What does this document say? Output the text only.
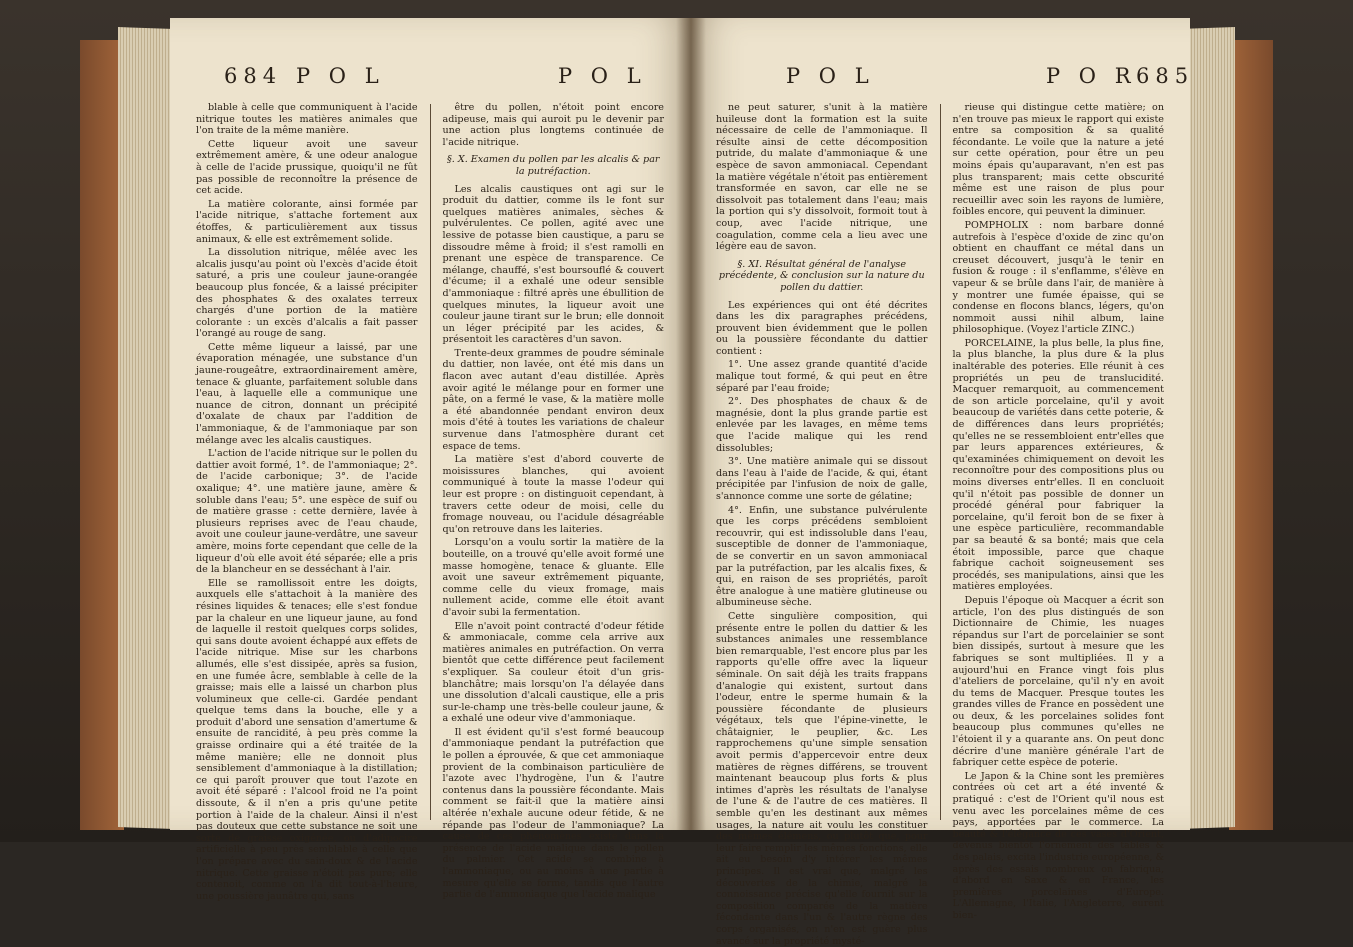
684 P O L	P O L

blable à celle que communiquent à l'acide nitrique toutes les matières animales que l'on traite de la même manière.

Cette liqueur avoit une saveur extrêmement amère, & une odeur analogue à celle de l'acide prussique, quoiqu'il ne fût pas possible de reconnoître la présence de cet acide.

La matière colorante, ainsi formée par l'acide nitrique, s'attache fortement aux étoffes, & particulièrement aux tissus animaux, & elle est extrêmement solide.

La dissolution nitrique, mêlée avec les alcalis jusqu'au point où l'excès d'acide étoit saturé, a pris une couleur jaune-orangée beaucoup plus foncée, & a laissé précipiter des phosphates & des oxalates terreux chargés d'une portion de la matière colorante : un excès d'alcalis a fait passer l'orangé au rouge de sang.

Cette même liqueur a laissé, par une évaporation ménagée, une substance d'un jaune-rougeâtre, extraordinairement amère, tenace & gluante, parfaitement soluble dans l'eau, à laquelle elle a communique une nuance de citron, donnant un précipité d'oxalate de chaux par l'addition de l'ammoniaque, & de l'ammoniaque par son mélange avec les alcalis caustiques.

L'action de l'acide nitrique sur le pollen du dattier avoit formé, 1°. de l'ammoniaque; 2°. de l'acide carbonique; 3°. de l'acide oxalique; 4°. une matière jaune, amère & soluble dans l'eau; 5°. une espèce de suif ou de matière grasse : cette dernière, lavée à plusieurs reprises avec de l'eau chaude, avoit une couleur jaune-verdâtre, une saveur amère, moins forte cependant que celle de la liqueur d'où elle avoit été séparée; elle a pris de la blancheur en se desséchant à l'air.

Elle se ramollissoit entre les doigts, auxquels elle s'attachoit à la manière des résines liquides & tenaces; elle s'est fondue par la chaleur en une liqueur jaune, au fond de laquelle il restoit quelques corps solides, qui sans doute avoient échappé aux effets de l'acide nitrique. Mise sur les charbons allumés, elle s'est dissipée, après sa fusion, en une fumée âcre, semblable à celle de la graisse; mais elle a laissé un charbon plus volumineux que celle-ci. Gardée pendant quelque tems dans la bouche, elle y a produit d'abord une sensation d'amertume & ensuite de rancidité, à peu près comme la graisse ordinaire qui a été traitée de la même manière; elle ne donnoit plus sensiblement d'ammoniaque à la distillation; ce qui paroît prouver que tout l'azote en avoit été séparé : l'alcool froid ne l'a point dissoute, & il n'en a pris qu'une petite portion à l'aide de la chaleur. Ainsi il n'est pas douteux que cette substance ne soit une sorte de graisse oxigénée, ou d'adipocire artificielle à peu près semblable à celle que l'on prépare avec du sain-doux & de l'acide nitrique. Cette graisse n'étoit pas pure; elle contenoit, comme on l'a dit tout-à-l'heure, une poussière jaunâtre qui, sans

être du pollen, n'étoit point encore adipeuse, mais qui auroit pu le devenir par une action plus longtems continuée de l'acide nitrique.

§. X. Examen du pollen par les alcalis & par la putréfaction.

Les alcalis caustiques ont agi sur le produit du dattier, comme ils le font sur quelques matières animales, sèches & pulvérulentes. Ce pollen, agité avec une lessive de potasse bien caustique, a paru se dissoudre même à froid; il s'est ramolli en prenant une espèce de transparence. Ce mélange, chauffé, s'est boursouflé & couvert d'écume; il a exhalé une odeur sensible d'ammoniaque : filtré après une ébullition de quelques minutes, la liqueur avoit une couleur jaune tirant sur le brun; elle donnoit un léger précipité par les acides, & présentoit les caractères d'un savon.

Trente-deux grammes de poudre séminale du dattier, non lavée, ont été mis dans un flacon avec autant d'eau distillée. Après avoir agité le mélange pour en former une pâte, on a fermé le vase, & la matière molle a été abandonnée pendant environ deux mois d'été à toutes les variations de chaleur survenue dans l'atmosphère durant cet espace de tems.

La matière s'est d'abord couverte de moisissures blanches, qui avoient communiqué à toute la masse l'odeur qui leur est propre : on distinguoit cependant, à travers cette odeur de moisi, celle du fromage nouveau, ou l'acidule désagréable qu'on retrouve dans les laiteries.

Lorsqu'on a voulu sortir la matière de la bouteille, on a trouvé qu'elle avoit formé une masse homogène, tenace & gluante. Elle avoit une saveur extrêmement piquante, comme celle du vieux fromage, mais nullement acide, comme elle étoit avant d'avoir subi la fermentation.

Elle n'avoit point contracté d'odeur fétide & ammoniacale, comme cela arrive aux matières animales en putréfaction. On verra bientôt que cette différence peut facilement s'expliquer. Sa couleur étoit d'un gris-blanchâtre; mais lorsqu'on l'a délayée dans une dissolution d'alcali caustique, elle a pris sur-le-champ une très-belle couleur jaune, & a exhalé une odeur vive d'ammoniaque.

Il est évident qu'il s'est formé beaucoup d'ammoniaque pendant la putréfaction que le pollen a éprouvée, & que cet ammoniaque provient de la combinaison particulière de l'azote avec l'hydrogène, l'un & l'autre contenus dans la poussière fécondante. Mais comment se fait-il que la matière ainsi altérée n'exhale aucune odeur fétide, & ne répande pas l'odeur de l'ammoniaque? La cause de ces phénomènes existe dans la présence de l'acide malique dans le pollen du palmier. Cet acide se combine à l'ammoniaque, ou au moins à une partie à mesure qu'elle se forme, tandis que l'autre partie de l'ammoniaque que l'acide malique

P O L	P O R 685

ne peut saturer, s'unit à la matière huileuse dont la formation est la suite nécessaire de celle de l'ammoniaque. Il résulte ainsi de cette décomposition putride, du malate d'ammoniaque & une espèce de savon ammoniacal. Cependant la matière végétale n'étoit pas entièrement transformée en savon, car elle ne se dissolvoit pas totalement dans l'eau; mais la portion qui s'y dissolvoit, formoit tout à coup, avec l'acide nitrique, une coagulation, comme cela a lieu avec une légère eau de savon.

§. XI. Résultat général de l'analyse précédente, & conclusion sur la nature du pollen du dattier.

Les expériences qui ont été décrites dans les dix paragraphes précédens, prouvent bien évidemment que le pollen ou la poussière fécondante du dattier contient :

1°. Une assez grande quantité d'acide malique tout formé, & qui peut en être séparé par l'eau froide;

2°. Des phosphates de chaux & de magnésie, dont la plus grande partie est enlevée par les lavages, en même tems que l'acide malique qui les rend dissolubles;

3°. Une matière animale qui se dissout dans l'eau à l'aide de l'acide, & qui, étant précipitée par l'infusion de noix de galle, s'annonce comme une sorte de gélatine;

4°. Enfin, une substance pulvérulente que les corps précédens sembloient recouvrir, qui est indissoluble dans l'eau, susceptible de donner de l'ammoniaque, de se convertir en un savon ammoniacal par la putréfaction, par les alcalis fixes, & qui, en raison de ses propriétés, paroît être analogue à une matière glutineuse ou albumineuse sèche.

Cette singulière composition, qui présente entre le pollen du dattier & les substances animales une ressemblance bien remarquable, l'est encore plus par les rapports qu'elle offre avec la liqueur séminale. On sait déjà les traits frappans d'analogie qui existent, surtout dans l'odeur, entre le sperme humain & la poussière fécondante de plusieurs végétaux, tels que l'épine-vinette, le châtaignier, le peuplier, &c. Les rapprochemens qu'une simple sensation avoit permis d'appercevoir entre deux matières de règnes différens, se trouvent maintenant beaucoup plus forts & plus intimes d'après les résultats de l'analyse de l'une & de l'autre de ces matières. Il semble qu'en les destinant aux mêmes usages, la nature ait voulu les constituer des mêmes élémens, ou plutôt que, pour leur faire remplir les mêmes fonctions, elle ait eu besoin d'y intérer les mêmes principes. Il est vrai que, malgré les découvertes de la chimie, malgré la connoissance précise qu'elle fournit sur la composition comparée de la matière fécondante dans l'un & l'autre règne des corps organisés, on n'en est guère plus avancé sur la propriété mysté-

rieuse qui distingue cette matière; on n'en trouve pas mieux le rapport qui existe entre sa composition & sa qualité fécondante. Le voile que la nature a jeté sur cette opération, pour être un peu moins épais qu'auparavant, n'en est pas plus transparent; mais cette obscurité même est une raison de plus pour recueillir avec soin les rayons de lumière, foibles encore, qui peuvent la diminuer.

POMPHOLIX : nom barbare donné autrefois à l'espèce d'oxide de zinc qu'on obtient en chauffant ce métal dans un creuset découvert, jusqu'à le tenir en fusion & rouge : il s'enflamme, s'élève en vapeur & se brûle dans l'air, de manière à y montrer une fumée épaisse, qui se condense en flocons blancs, légers, qu'on nommoit aussi nihil album, laine philosophique. (Voyez l'article ZINC.)

PORCELAINE, la plus belle, la plus fine, la plus blanche, la plus dure & la plus inaltérable des poteries. Elle réunit à ces propriétés un peu de translucidité. Macquer remarquoit, au commencement de son article porcelaine, qu'il y avoit beaucoup de variétés dans cette poterie, & de différences dans leurs propriétés; qu'elles ne se ressembloient entr'elles que par leurs apparences extérieures, & qu'examinées chimiquement on devoit les reconnoître pour des compositions plus ou moins diverses entr'elles. Il en concluoit qu'il n'étoit pas possible de donner un procédé général pour fabriquer la porcelaine, qu'il feroit bon de se fixer à une espèce particulière, recommandable par sa beauté & sa bonté; mais que cela étoit impossible, parce que chaque fabrique cachoit soigneusement ses procédés, ses manipulations, ainsi que les matières employées.

Depuis l'époque où Macquer a écrit son article, l'on des plus distingués de son Dictionnaire de Chimie, les nuages répandus sur l'art de porcelainier se sont bien dissipés, surtout à mesure que les fabriques se sont multipliées. Il y a aujourd'hui en France vingt fois plus d'ateliers de porcelaine, qu'il n'y en avoit du tems de Macquer. Presque toutes les grandes villes de France en possèdent une ou deux, & les porcelaines solides font beaucoup plus communes qu'elles ne l'étoient il y a quarante ans. On peut donc décrire d'une manière générale l'art de fabriquer cette espèce de poterie.

Le Japon & la Chine sont les premières contrées où cet art a été inventé & pratiqué : c'est de l'Orient qu'il nous est venu avec les porcelaines même de ces pays, apportées par le commerce. La beauté & l'élégance de ces vases d'Orient, devenus bientôt l'ornement des tables & des palais, excita l'industrie européenne, & après des essais nombreux on fabriqua, d'abord en Saxe & en France, les premières porcelaines d'Europe. L'Allemagne, l'Italie, l'Angleterre, eurent bien-
